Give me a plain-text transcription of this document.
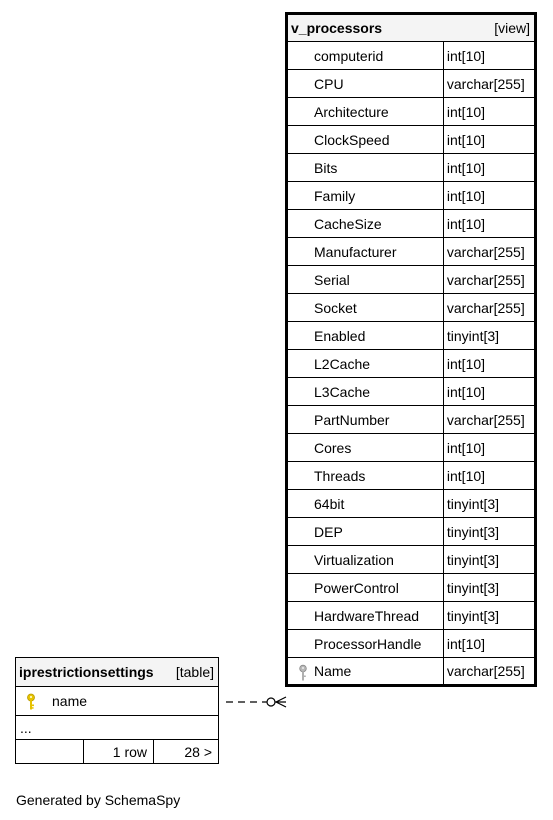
v_processors [view]	

computerid	int[10]
CPU	varchar[255]
Architecture	int[10]
ClockSpeed	int[10]
Bits	int[10]
Family	int[10]
CacheSize	int[10]
Manufacturer	varchar[255]
Serial	varchar[255]
Socket	varchar[255]
Enabled	tinyint[3]
L2Cache	int[10]
L3Cache	int[10]
PartNumber	varchar[255]
Cores	int[10]
Threads	int[10]
64bit	tinyint[3]
DEP	tinyint[3]
Virtualization	tinyint[3]
PowerControl	tinyint[3]
HardwareThread	tinyint[3]
ProcessorHandle	int[10]

Name	varchar[255]
iprestrictionsettings [table]

name
...
	1 row	28 >
Generated by SchemaSpy
